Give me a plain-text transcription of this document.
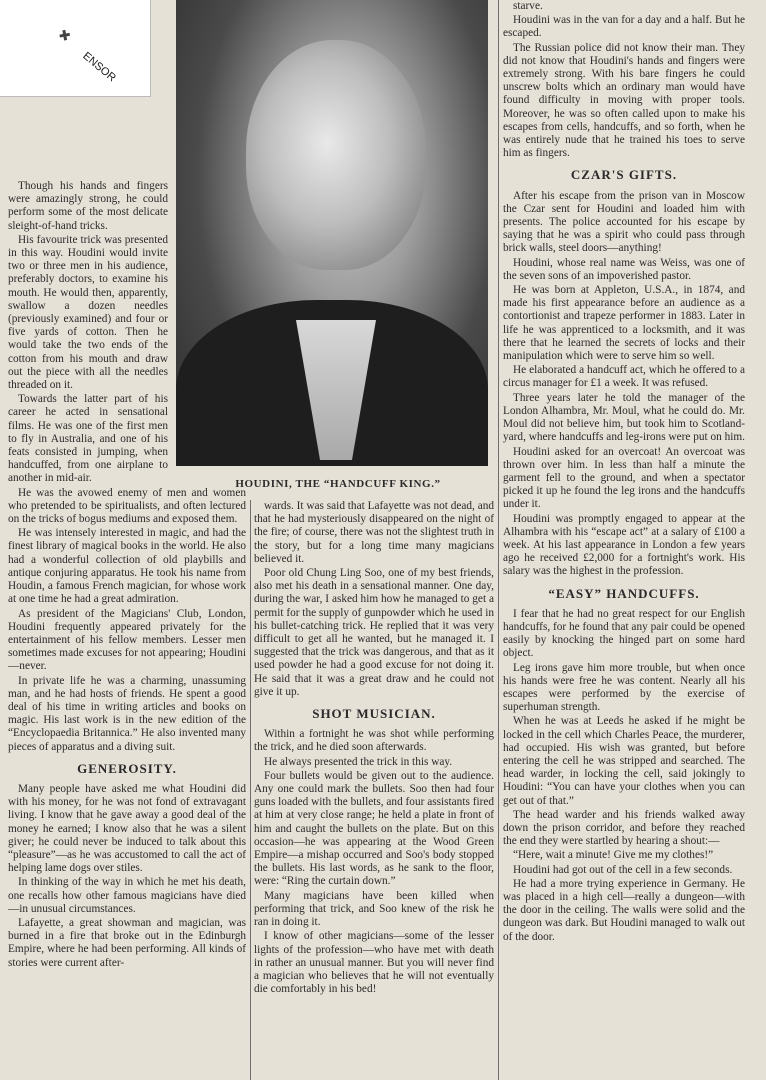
✖
ENSOR
HOUDINI, THE “HANDCUFF KING.”

Though his hands and fingers were amazingly strong, he could perform some of the most delicate sleight-of-hand tricks.

His favourite trick was presented in this way. Houdini would invite two or three men in his audience, preferably doctors, to examine his mouth. He would then, apparently, swallow a dozen needles (previously examined) and four or five yards of cotton. Then he would take the two ends of the cotton from his mouth and draw out the piece with all the needles threaded on it.

Towards the latter part of his career he acted in sensational films. He was one of the first men to fly in Australia, and one of his feats consisted in jumping, when handcuffed, from one airplane to another in mid-air.

He was the avowed enemy of men and women who pretended to be spiritualists, and often lectured on the tricks of bogus mediums and exposed them.

He was intensely interested in magic, and had the finest library of magical books in the world. He also had a wonderful collection of old playbills and antique conjuring apparatus. He took his name from Houdin, a famous French magician, for whose work at one time he had a great admiration.

As president of the Magicians' Club, London, Houdini frequently appeared privately for the entertainment of his fellow members. Lesser men sometimes made excuses for not appearing; Houdini—never.

In private life he was a charming, unassuming man, and he had hosts of friends. He spent a good deal of his time in writing articles and books on magic. His last work is in the new edition of the “Encyclopaedia Britannica.” He also invented many pieces of apparatus and a diving suit.

GENEROSITY.

Many people have asked me what Houdini did with his money, for he was not fond of extravagant living. I know that he gave away a good deal of the money he earned; I know also that he was a silent giver; he could never be induced to talk about this “pleasure”—as he was accustomed to call the act of helping lame dogs over stiles.

In thinking of the way in which he met his death, one recalls how other famous magicians have died—in unusual circumstances.

Lafayette, a great showman and magician, was burned in a fire that broke out in the Edinburgh Empire, where he had been performing. All kinds of stories were current after-

wards. It was said that Lafayette was not dead, and that he had mysteriously disappeared on the night of the fire; of course, there was not the slightest truth in the story, but for a long time many magicians believed it.

Poor old Chung Ling Soo, one of my best friends, also met his death in a sensational manner. One day, during the war, I asked him how he managed to get a permit for the supply of gunpowder which he used in his bullet-catching trick. He replied that it was very difficult to get all he wanted, but he managed it. I suggested that the trick was dangerous, and that as it used powder he had a good excuse for not doing it. He said that it was a great draw and he could not give it up.

SHOT MUSICIAN.

Within a fortnight he was shot while performing the trick, and he died soon afterwards.

He always presented the trick in this way.

Four bullets would be given out to the audience. Any one could mark the bullets. Soo then had four guns loaded with the bullets, and four assistants fired at him at very close range; he held a plate in front of him and caught the bullets on the plate. But on this occasion—he was appearing at the Wood Green Empire—a mishap occurred and Soo's body stopped the bullets. His last words, as he sank to the floor, were: “Ring the curtain down.”

Many magicians have been killed when performing that trick, and Soo knew of the risk he ran in doing it.

I know of other magicians—some of the lesser lights of the profession—who have met with death in rather an unusual manner. But you will never find a magician who believes that he will not eventually die comfortably in his bed!

starve.

Houdini was in the van for a day and a half. But he escaped.

The Russian police did not know their man. They did not know that Houdini's hands and fingers were extremely strong. With his bare fingers he could unscrew bolts which an ordinary man would have found difficulty in moving with proper tools. Moreover, he was so often called upon to make his escapes from cells, handcuffs, and so forth, when he was entirely nude that he trained his toes to serve him as fingers.

CZAR'S GIFTS.

After his escape from the prison van in Moscow the Czar sent for Houdini and loaded him with presents. The police accounted for his escape by saying that he was a spirit who could pass through brick walls, steel doors—anything!

Houdini, whose real name was Weiss, was one of the seven sons of an impoverished pastor.

He was born at Appleton, U.S.A., in 1874, and made his first appearance before an audience as a contortionist and trapeze performer in 1883. Later in life he was apprenticed to a locksmith, and it was there that he learned the secrets of locks and their manipulation which were to serve him so well.

He elaborated a handcuff act, which he offered to a circus manager for £1 a week. It was refused.

Three years later he told the manager of the London Alhambra, Mr. Moul, what he could do. Mr. Moul did not believe him, but took him to Scotland-yard, where handcuffs and leg-irons were put on him.

Houdini asked for an overcoat! An overcoat was thrown over him. In less than half a minute the garment fell to the ground, and when a spectator picked it up he found the leg irons and the handcuffs under it.

Houdini was promptly engaged to appear at the Alhambra with his “escape act” at a salary of £100 a week. At his last appearance in London a few years ago he received £2,000 for a fortnight's work. His salary was the highest in the profession.

“EASY” HANDCUFFS.

I fear that he had no great respect for our English handcuffs, for he found that any pair could be opened easily by knocking the hinged part on some hard object.

Leg irons gave him more trouble, but when once his hands were free he was content. Nearly all his escapes were performed by the exercise of superhuman strength.

When he was at Leeds he asked if he might be locked in the cell which Charles Peace, the murderer, had occupied. His wish was granted, but before entering the cell he was stripped and searched. The head warder, in locking the cell, said jokingly to Houdini: “You can have your clothes when you can get out of that.”

The head warder and his friends walked away down the prison corridor, and before they reached the end they were startled by hearing a shout:—

“Here, wait a minute! Give me my clothes!”

Houdini had got out of the cell in a few seconds.

He had a more trying experience in Germany. He was placed in a high cell—really a dungeon—with the door in the ceiling. The walls were solid and the dungeon was dark. But Houdini managed to walk out of the door.
